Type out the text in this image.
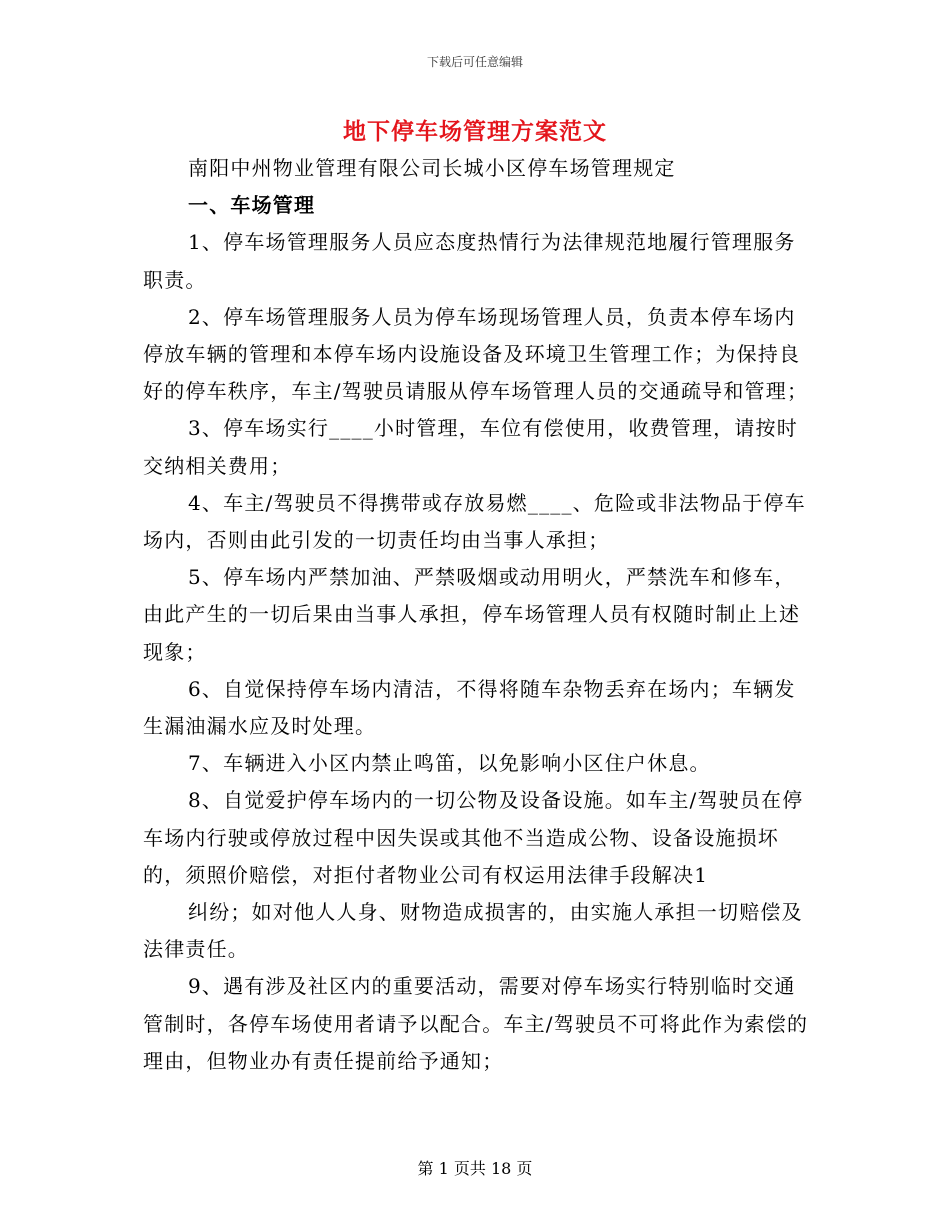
下载后可任意编辑
地下停车场管理方案范文

南阳中州物业管理有限公司长城小区停车场管理规定

一、车场管理

1、停车场管理服务人员应态度热情行为法律规范地履行管理服务职责。

2、停车场管理服务人员为停车场现场管理人员，负责本停车场内停放车辆的管理和本停车场内设施设备及环境卫生管理工作；为保持良好的停车秩序，车主/驾驶员请服从停车场管理人员的交通疏导和管理；

3、停车场实行____小时管理，车位有偿使用，收费管理，请按时交纳相关费用；

4、车主/驾驶员不得携带或存放易燃____、危险或非法物品于停车场内，否则由此引发的一切责任均由当事人承担；

5、停车场内严禁加油、严禁吸烟或动用明火，严禁洗车和修车，由此产生的一切后果由当事人承担，停车场管理人员有权随时制止上述现象；

6、自觉保持停车场内清洁，不得将随车杂物丢弃在场内；车辆发生漏油漏水应及时处理。

7、车辆进入小区内禁止鸣笛，以免影响小区住户休息。

8、自觉爱护停车场内的一切公物及设备设施。如车主/驾驶员在停车场内行驶或停放过程中因失误或其他不当造成公物、设备设施损坏的，须照价赔偿，对拒付者物业公司有权运用法律手段解决1

纠纷；如对他人人身、财物造成损害的，由实施人承担一切赔偿及法律责任。

9、遇有涉及社区内的重要活动，需要对停车场实行特别临时交通管制时，各停车场使用者请予以配合。车主/驾驶员不可将此作为索偿的理由，但物业办有责任提前给予通知；

第 1 页共 18 页
